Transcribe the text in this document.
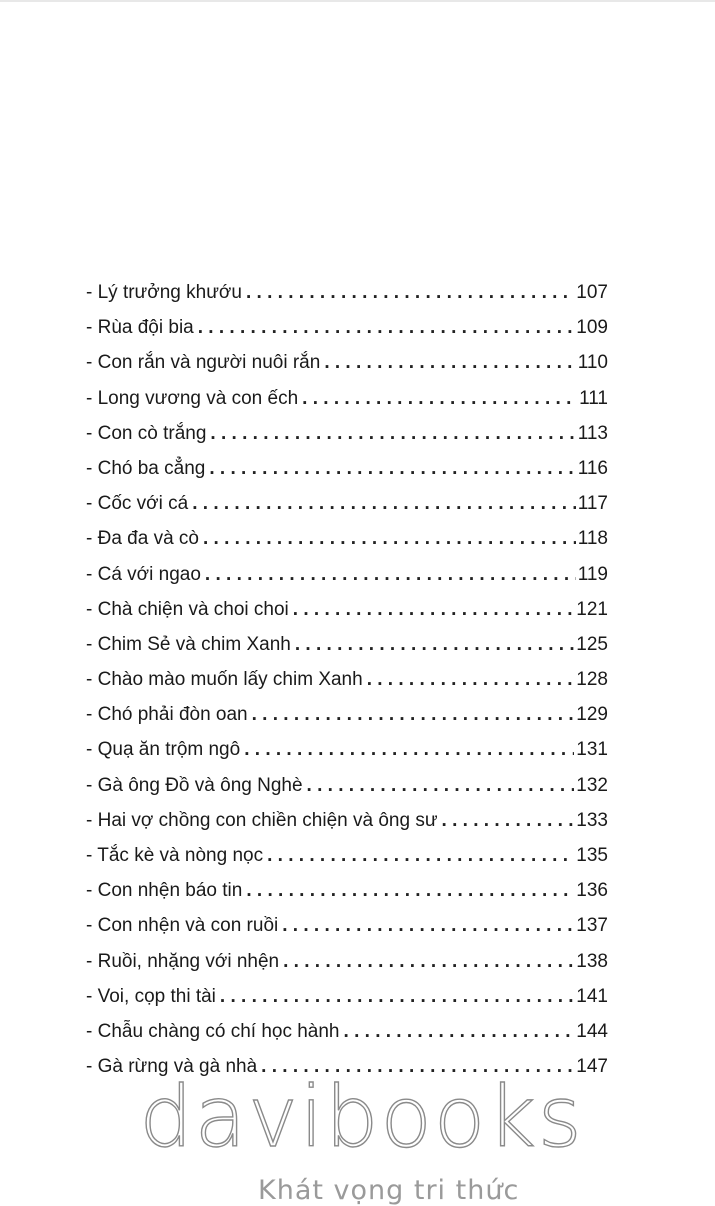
- Lý trưởng khướu . . .	107
- Rùa đội bia . . .	109
- Con rắn và người nuôi rắn . . .	110
- Long vương và con ếch . . .	111
- Con cò trắng . . .	113
- Chó ba cẳng . . .	116
- Cốc với cá . . .	117
- Đa đa và cò . . .	118
- Cá với ngao . . .	119
- Chà chiện và choi choi . . .	121
- Chim Sẻ và chim Xanh . . .	125
- Chào mào muốn lấy chim Xanh . . .	128
- Chó phải đòn oan . . .	129
- Quạ ăn trộm ngô . . .	131
- Gà ông Đồ và ông Nghè . . .	132
- Hai vợ chồng con chiền chiện và ông sư . . .	133
- Tắc kè và nòng nọc . . .	135
- Con nhện báo tin . . .	136
- Con nhện và con ruồi . . .	137
- Ruồi, nhặng với nhện . . .	138
- Voi, cọp thi tài . . .	141
- Chẫu chàng có chí học hành . . .	144
- Gà rừng và gà nhà . . .	147
davibooks
Khát vọng tri thức
